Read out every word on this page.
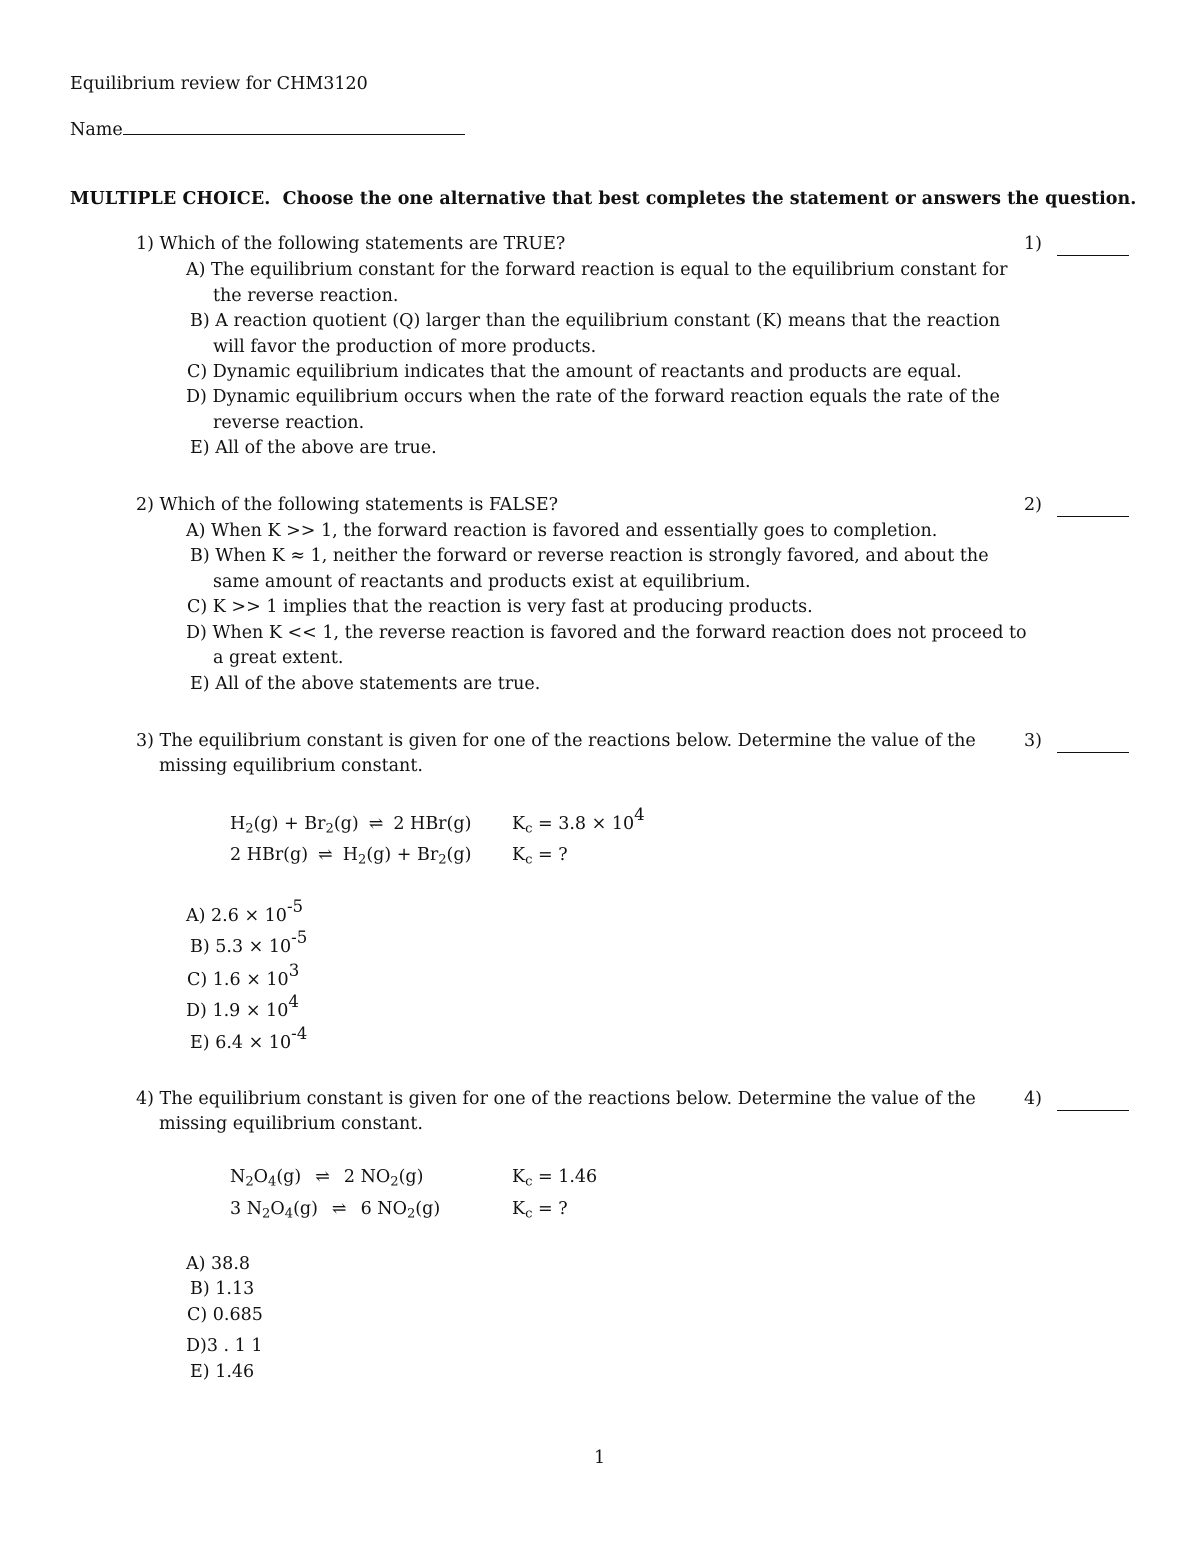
Equilibrium review for CHM3120
Name
MULTIPLE CHOICE. Choose the one alternative that best completes the statement or answers the question.
1) Which of the following statements are TRUE?	1)
A) The equilibrium constant for the forward reaction is equal to the equilibrium constant for
the reverse reaction.
B) A reaction quotient (Q) larger than the equilibrium constant (K) means that the reaction
will favor the production of more products.
C) Dynamic equilibrium indicates that the amount of reactants and products are equal.
D) Dynamic equilibrium occurs when the rate of the forward reaction equals the rate of the
reverse reaction.
E) All of the above are true.
2) Which of the following statements is FALSE?	2)
A) When K >> 1, the forward reaction is favored and essentially goes to completion.
B) When K ≈ 1, neither the forward or reverse reaction is strongly favored, and about the
same amount of reactants and products exist at equilibrium.
C) K >> 1 implies that the reaction is very fast at producing products.
D) When K << 1, the reverse reaction is favored and the forward reaction does not proceed to
a great extent.
E) All of the above statements are true.
3) The equilibrium constant is given for one of the reactions below. Determine the value of the
missing equilibrium constant.
3)
$H_2(g) + Br_2(g)$ ⇌ 2 HBr(g) $K_c = 3.8 \times 10^4$
2 HBr(g) ⇌ $H_2(g) + Br_2(g) K_c$ = ?
A) $2.6 \times 10^{-5}$
B) $5.3 \times 10^{-5}$
C) $1.6 \times 10^3$
D) $1.9 \times 10^4$
E) $6.4 \times 10^{-4}$
4) The equilibrium constant is given for one of the reactions below. Determine the value of the
missing equilibrium constant.
4)
$N_2O_4(g)$ ⇌ 2 $NO_2(g)$	$K_c = 1.46$
3 $N_2O_4(g)$ ⇌ 6 $NO_2(g)$	$K_c$ = ?
A) 38.8
B) 1.13
C) 0.685
D)3 . 1 1
E) 1.46
1
